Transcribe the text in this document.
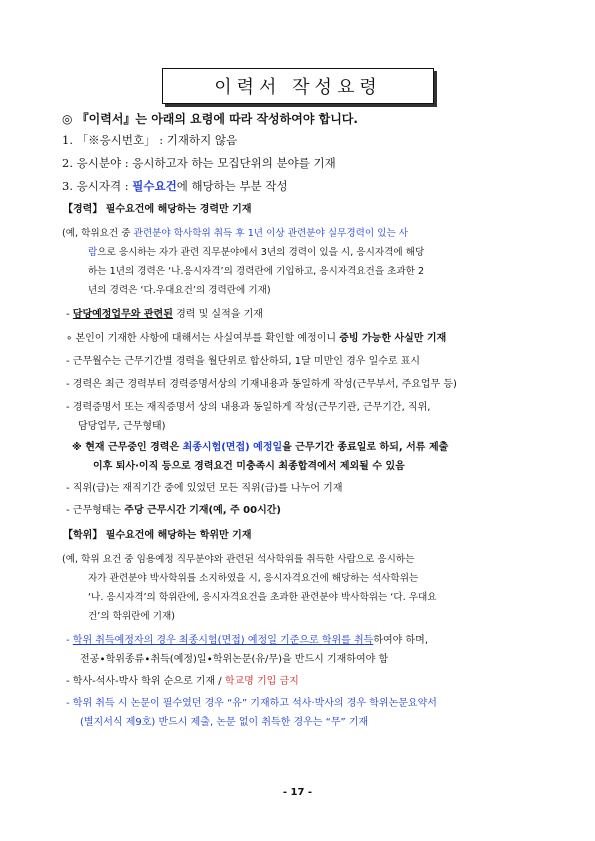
이력서 작성요령
◎ 『이력서』는 아래의 요령에 따라 작성하여야 합니다.
1. 「※응시번호」 : 기재하지 않음
2. 응시분야 : 응시하고자 하는 모집단위의 분야를 기재
3. 응시자격 : 필수요건에 해당하는 부분 작성
【경력】 필수요건에 해당하는 경력만 기재
(예, 학위요건 중 관련분야 학사학위 취득 후 1년 이상 관련분야 실무경력이 있는 사
람으로 응시하는 자가 관련 직무분야에서 3년의 경력이 있을 시, 응시자격에 해당
하는 1년의 경력은 ‘나.응시자격’의 경력란에 기입하고, 응시자격요건을 초과한 2
년의 경력은 ‘다.우대요건’의 경력란에 기재)
- 담당예정업무와 관련된 경력 및 실적을 기재
∘ 본인이 기재한 사항에 대해서는 사실여부를 확인할 예정이니 증빙 가능한 사실만 기재
- 근무월수는 근무기간별 경력을 월단위로 합산하되, 1달 미만인 경우 일수로 표시
- 경력은 최근 경력부터 경력증명서상의 기재내용과 동일하게 작성(근무부서, 주요업무 등)
- 경력증명서 또는 재직증명서 상의 내용과 동일하게 작성(근무기관, 근무기간, 직위,
담당업무, 근무형태)
※ 현재 근무중인 경력은 최종시험(면접) 예정일을 근무기간 종료일로 하되, 서류 제출
이후 퇴사∙이직 등으로 경력요건 미충족시 최종합격에서 제외될 수 있음
- 직위(급)는 재직기간 중에 있었던 모든 직위(급)를 나누어 기재
- 근무형태는 주당 근무시간 기재(예, 주 00시간)
【학위】 필수요건에 해당하는 학위만 기재
(예, 학위 요건 중 임용예정 직무분야와 관련된 석사학위를 취득한 사람으로 응시하는
자가 관련분야 박사학위를 소지하였을 시, 응시자격요건에 해당하는 석사학위는
‘나. 응시자격’의 학위란에, 응시자격요건을 초과한 관련분야 박사학위는 ‘다. 우대요
건’의 학위란에 기재)
- 학위 취득예정자의 경우 최종시험(면접) 예정일 기준으로 학위를 취득하여야 하며,
전공∙학위종류∙취득(예정)일∙학위논문(유/무)을 반드시 기재하여야 함
- 학사-석사-박사 학위 순으로 기재 / 학교명 기입 금지
- 학위 취득 시 논문이 필수였던 경우 “유” 기재하고 석사·박사의 경우 학위논문요약서
(별지서식 제9호) 반드시 제출, 논문 없이 취득한 경우는 “무” 기재
- 17 -
